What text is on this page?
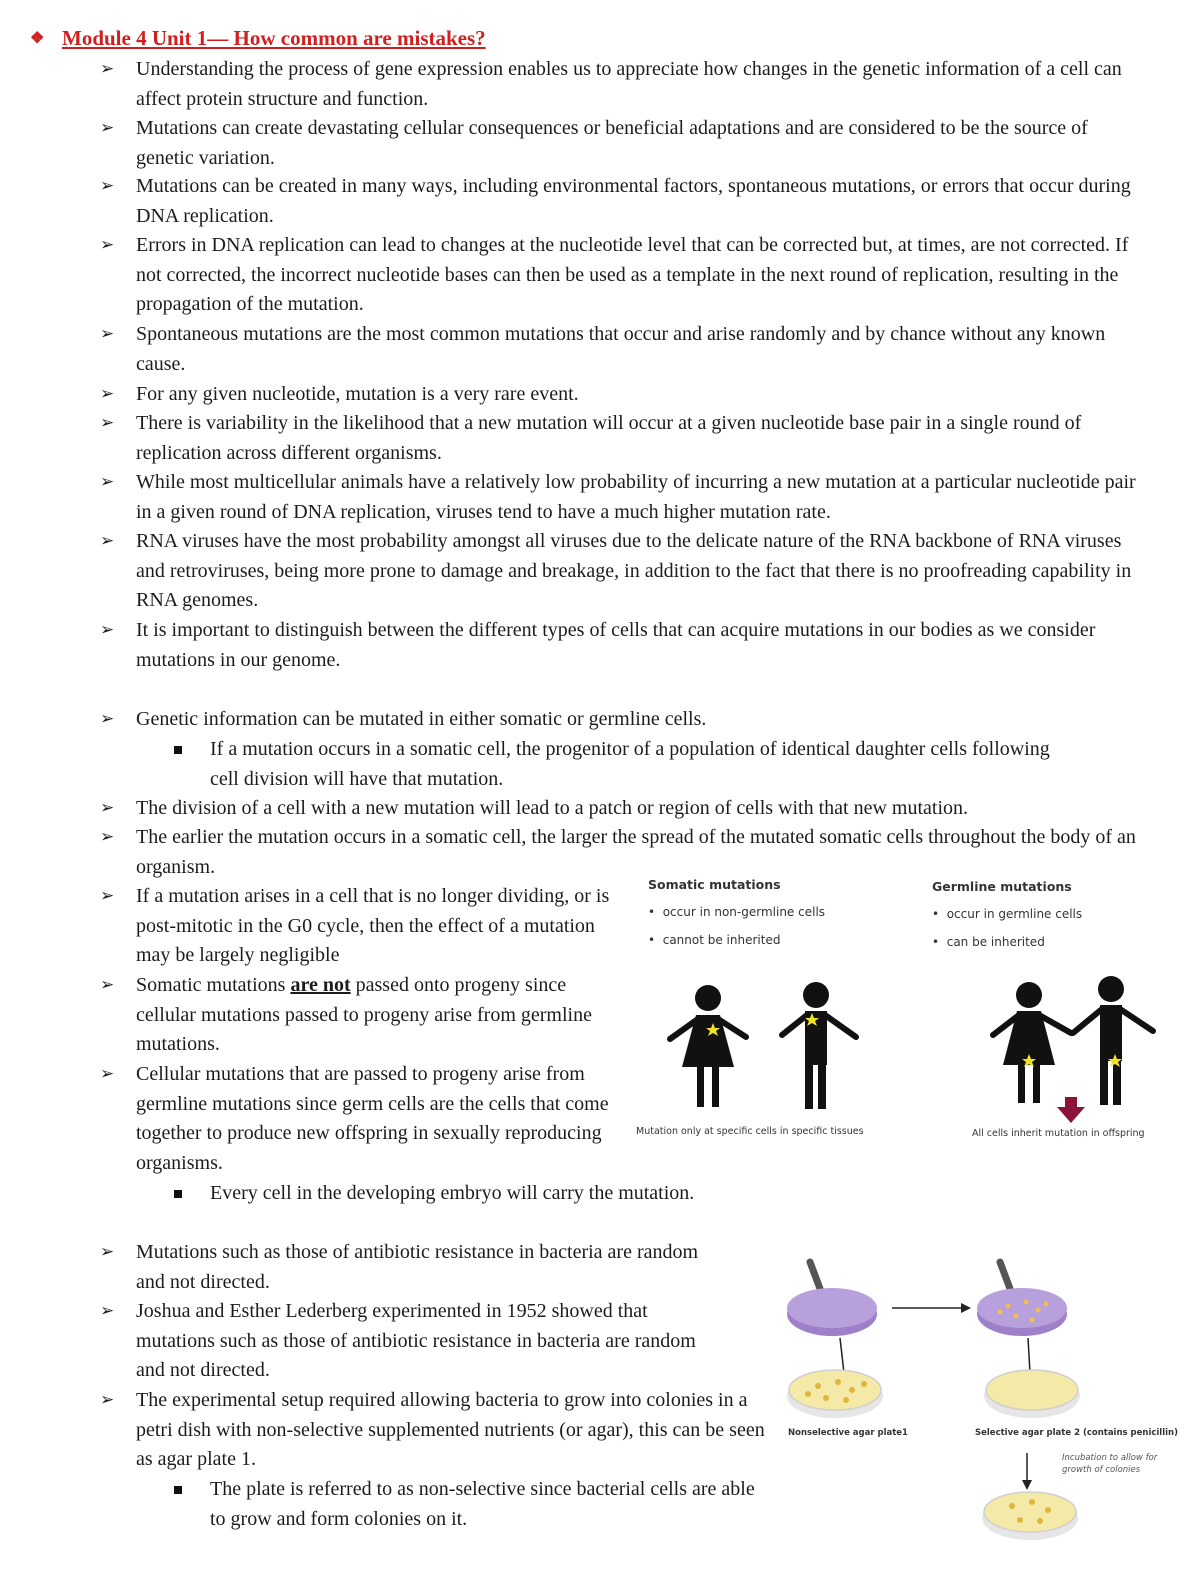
❖ Module 4 Unit 1— How common are mistakes?
➢ Understanding the process of gene expression enables us to appreciate how changes in the genetic information of a cell can affect protein structure and function.
➢ Mutations can create devastating cellular consequences or beneficial adaptations and are considered to be the source of genetic variation.
➢ Mutations can be created in many ways, including environmental factors, spontaneous mutations, or errors that occur during DNA replication.
➢ Errors in DNA replication can lead to changes at the nucleotide level that can be corrected but, at times, are not corrected. If not corrected, the incorrect nucleotide bases can then be used as a template in the next round of replication, resulting in the propagation of the mutation.
➢ Spontaneous mutations are the most common mutations that occur and arise randomly and by chance without any known cause.
➢ For any given nucleotide, mutation is a very rare event.
➢ There is variability in the likelihood that a new mutation will occur at a given nucleotide base pair in a single round of replication across different organisms.
➢ While most multicellular animals have a relatively low probability of incurring a new mutation at a particular nucleotide pair in a given round of DNA replication, viruses tend to have a much higher mutation rate.
➢ RNA viruses have the most probability amongst all viruses due to the delicate nature of the RNA backbone of RNA viruses and retroviruses, being more prone to damage and breakage, in addition to the fact that there is no proofreading capability in RNA genomes.
➢ It is important to distinguish between the different types of cells that can acquire mutations in our bodies as we consider mutations in our genome.
➢ Genetic information can be mutated in either somatic or germline cells.
If a mutation occurs in a somatic cell, the progenitor of a population of identical daughter cells following cell division will have that mutation.
➢ The division of a cell with a new mutation will lead to a patch or region of cells with that new mutation.
➢ The earlier the mutation occurs in a somatic cell, the larger the spread of the mutated somatic cells throughout the body of an organism.
➢ If a mutation arises in a cell that is no longer dividing, or is post-mitotic in the G0 cycle, then the effect of a mutation may be largely negligible
➢ Somatic mutations are not passed onto progeny since cellular mutations passed to progeny arise from germline mutations.
➢ Cellular mutations that are passed to progeny arise from germline mutations since germ cells are the cells that come together to produce new offspring in sexually reproducing organisms.
Every cell in the developing embryo will carry the mutation.
Somatic mutations
•  occur in non-germline cells
•  cannot be inherited
Germline mutations
•  occur in germline cells
•  can be inherited
Mutation only at specific cells in specific tissues	All cells inherit mutation in offspring
➢ Mutations such as those of antibiotic resistance in bacteria are random and not directed.
➢ Joshua and Esther Lederberg experimented in 1952 showed that mutations such as those of antibiotic resistance in bacteria are random and not directed.
➢ The experimental setup required allowing bacteria to grow into colonies in a petri dish with non-selective supplemented nutrients (or agar), this can be seen as agar plate 1.
The plate is referred to as non-selective since bacterial cells are able to grow and form colonies on it.
Nonselective agar plate1	Selective agar plate 2 (contains penicillin)
Incubation to allow for growth of colonies
